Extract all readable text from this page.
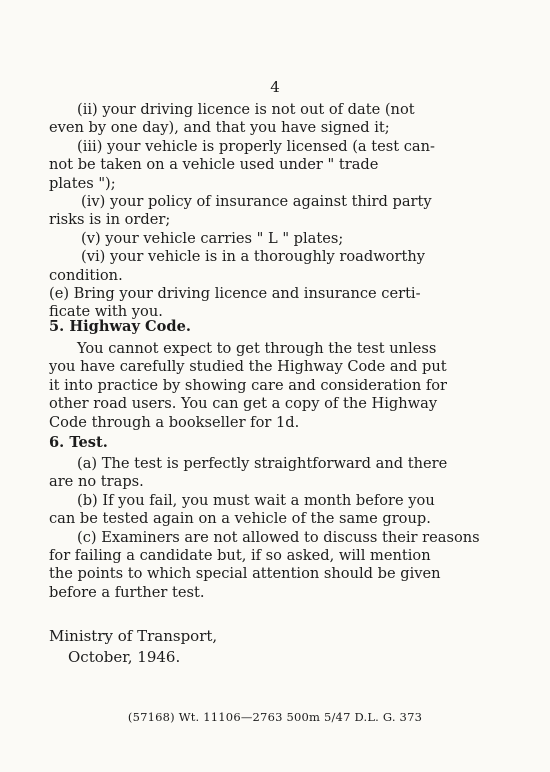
4

(ii) your driving licence is not out of date (not

even by one day), and that you have signed it;

(iii) your vehicle is properly licensed (a test can-

not be taken on a vehicle used under " trade

plates ");

(iv) your policy of insurance against third party

risks is in order;

(v) your vehicle carries " L " plates;

(vi) your vehicle is in a thoroughly roadworthy

condition.

(e) Bring your driving licence and insurance certi-

ficate with you.

5. Highway Code.

You cannot expect to get through the test unless

you have carefully studied the Highway Code and put

it into practice by showing care and consideration for

other road users. You can get a copy of the Highway

Code through a bookseller for 1d.

6. Test.

(a) The test is perfectly straightforward and there

are no traps.

(b) If you fail, you must wait a month before you

can be tested again on a vehicle of the same group.

(c) Examiners are not allowed to discuss their reasons

for failing a candidate but, if so asked, will mention

the points to which special attention should be given

before a further test.

Ministry of Transport,
October, 1946.
(57168) Wt. 11106—2763 500m 5/47 D.L. G. 373
